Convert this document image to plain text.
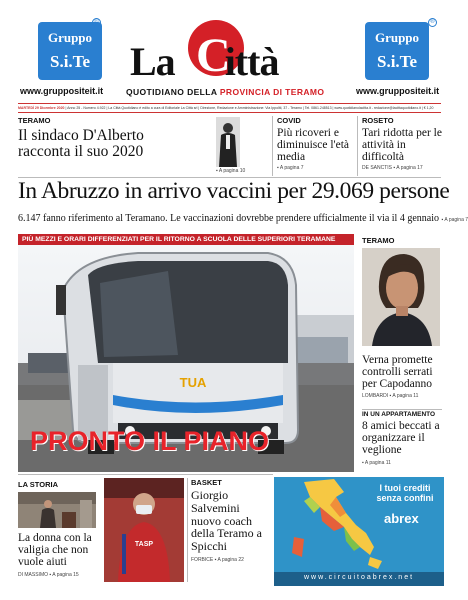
Gruppo
S.i.Te
®
www.gruppositeit.it
Gruppo
S.i.Te
®
www.gruppositeit.it
La ittà
C
QUOTIDIANO DELLA PROVINCIA DI TERAMO
MARTEDÌ 29 Dicembre 2020 | Anno 25 - Numero 4.922 | La Città Quotidiano è edito a cura di Editoriale La Città srl | Direzione, Redazione e Amministrazione: Via Ippoliti, 37 - Teramo | Tel. 0861.248513 | www.quotidianolacitta.it - redazione@lacittaquotidiano.it | € 1,20
TERAMO
Il sindaco D'Alberto racconta il suo 2020
▪ A pagina 10
COVID
Più ricoveri e diminuisce l'età media
▪ A pagina 7
ROSETO
Tari ridotta per le attività in difficoltà
DE SANCTIS ▪ A pagina 17
In Abruzzo in arrivo vaccini per 29.069 persone
6.147 fanno riferimento al Teramano. Le vaccinazioni dovrebbe prendere ufficialmente il via il 4 gennaio ▪ A pagina 7
PIÙ MEZZI E ORARI DIFFERENZIATI PER IL RITORNO A SCUOLA DELLE SUPERIORI TERAMANE
TUA
PRONTO IL PIANO
TERAMO
Verna promette controlli serrati per Capodanno
LOMBARDI ▪ A pagina 11
IN UN APPARTAMENTO
8 amici beccati a organizzare il veglione
▪ A pagina 11
LA STORIA
La donna con la valigia che non vuole aiuti
DI MASSIMO ▪ A pagina 15
TASP
BASKET
Giorgio Salvemini nuovo coach della Teramo a Spicchi
FORBICE ▪ A pagina 22
I tuoi crediti
senza confini
abrex
www.circuitoabrex.net
